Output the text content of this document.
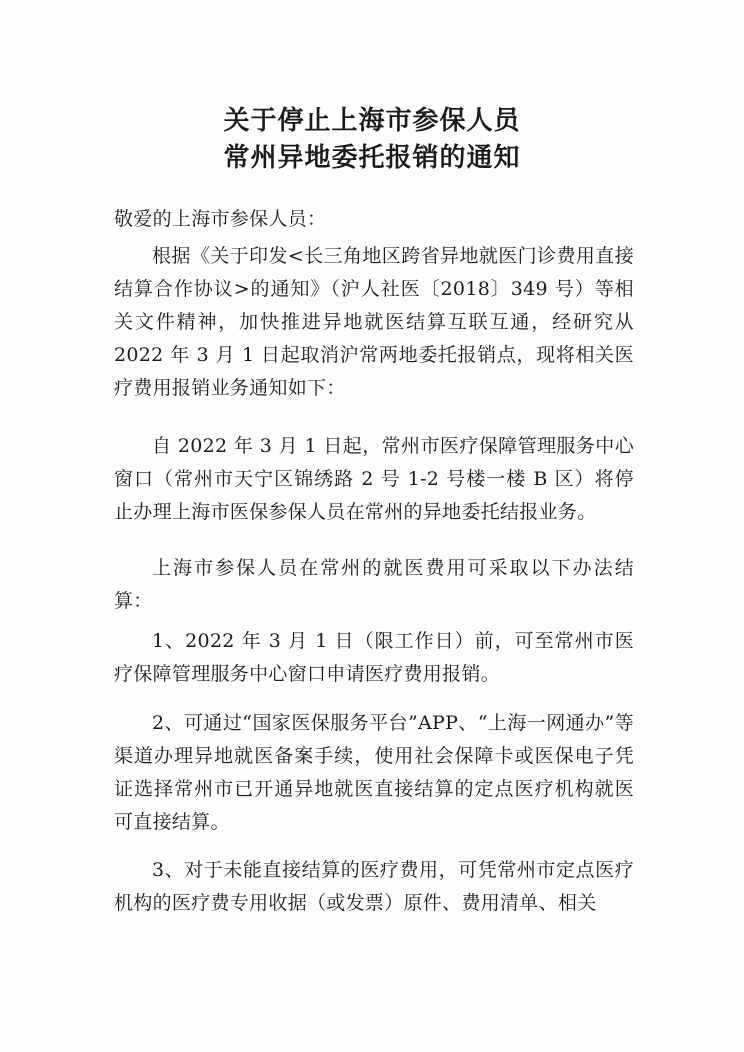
关于停止上海市参保人员
常州异地委托报销的通知

敬爱的上海市参保人员：

根据《关于印发<长三角地区跨省异地就医门诊费用直接结算合作协议>的通知》（沪人社医〔2018〕349 号）等相关文件精神，加快推进异地就医结算互联互通，经研究从2022 年 3 月 1 日起取消沪常两地委托报销点，现将相关医疗费用报销业务通知如下：

自 2022 年 3 月 1 日起，常州市医疗保障管理服务中心窗口（常州市天宁区锦绣路 2 号 1-2 号楼一楼 B 区）将停止办理上海市医保参保人员在常州的异地委托结报业务。

上海市参保人员在常州的就医费用可采取以下办法结算：

1、2022 年 3 月 1 日（限工作日）前，可至常州市医疗保障管理服务中心窗口申请医疗费用报销。

2、可通过“国家医保服务平台”APP、“上海一网通办”等渠道办理异地就医备案手续，使用社会保障卡或医保电子凭证选择常州市已开通异地就医直接结算的定点医疗机构就医可直接结算。

3、对于未能直接结算的医疗费用，可凭常州市定点医疗机构的医疗费专用收据（或发票）原件、费用清单、相关
